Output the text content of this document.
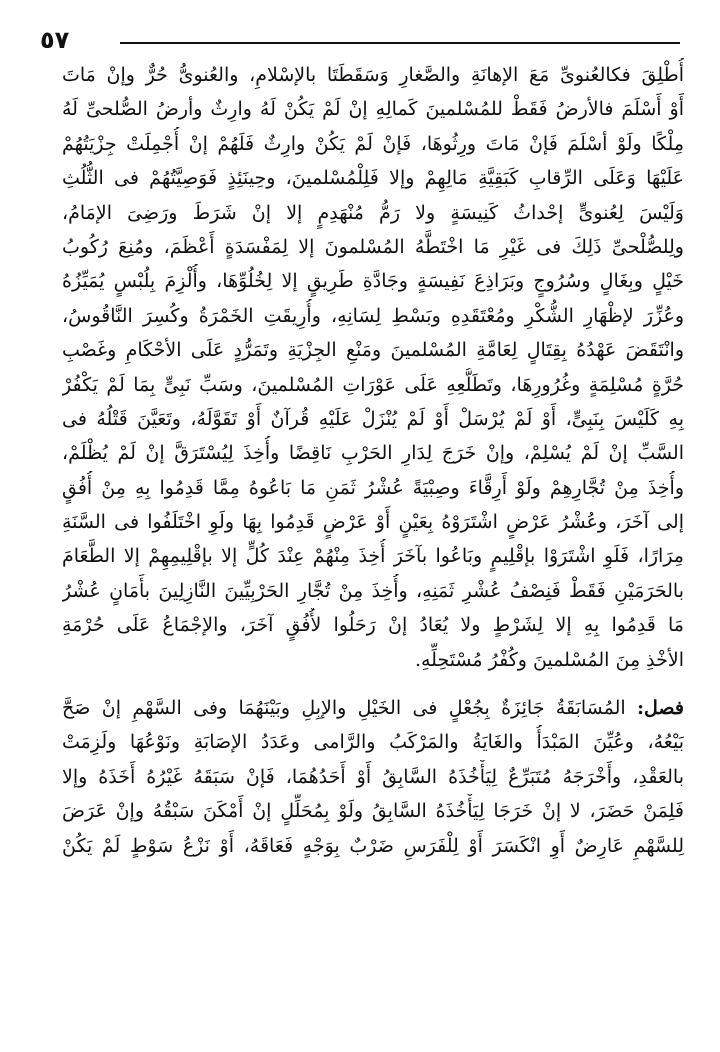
٥٧
أُطْلِقَ فكالعُنوىِّ مَعَ الإهانَةِ والصَّغارِ وَسَقَطَتَا بالإسْلامِ، والعُنوىُّ حُرٌّ وإنْ مَاتَ
أَوْ أَسْلَمَ فالأرضُ فَقَطْ للمُسْلمينَ كَمالِهِ إنْ لَمْ يَكُنْ لَهُ وارِثٌ وأرضُ الصُّلحىِّ لَهُ
مِلْكًا ولَوْ أسْلَمَ فَإنْ مَاتَ ورِثُوهَا، فَإنْ لَمْ يَكُنْ وارِثٌ فَلَهُمْ إنْ أُجْمِلَتْ جِزْيَتُهُمْ
عَلَيْهَا وَعَلَى الرِّقابِ كَبَقِيَّةِ مَالِهِمْ وإلا فَلِلْمُسْلمينَ، وحِينَئِذٍ فَوَصِيَّتُهُمْ فى الثُّلُثِ
وَلَيْسَ لِعُنوىٍّ إحْداثُ كَنِيسَةٍ ولا رَمُّ مُنْهَدِمٍ إلا إنْ شَرَطَ ورَضِىَ الإمَامُ،
ولِلصُّلْحىِّ ذَلِكَ فى غَيْرِ مَا اخْتَطَّهُ المُسْلمونَ إلا لِمَفْسَدَةٍ أَعْظَمَ، ومُنِعَ رُكُوبُ
خَيْلٍ وبِغَالٍ وسُرُوجٍ وبَرَاذِعَ نَفِيسَةٍ وجَادَّةِ طَرِيقٍ إلا لِخُلُوِّهَا، وأُلْزِمَ بِلُبْسٍ يُمَيِّزُهُ
وعُزِّرَ لإظْهَارِ الشُّكْرِ ومُعْتَقَدِهِ وبَسْطِ لِسَانِهِ، وأُرِيقَتِ الخَمْرَةُ وكُسِرَ النَّاقُوسُ،
وانْتَقَضَ عَهْدُهُ بِقِتَالٍ لِعَامَّةِ المُسْلمينَ ومَنْعِ الجِزْيَةِ وتَمَرُّدٍ عَلَى الأحْكَامِ وغَصْبِ
حُرَّةٍ مُسْلِمَةٍ وغُرُورِهَا، وتَطَلُّعِهِ عَلَى عَوْرَاتِ المُسْلمينَ، وسَبِّ نَبِىٍّ بِمَا لَمْ يَكْفُرْ
بِهِ كَلَيْسَ بِنَبِىٍّ، أَوْ لَمْ يُرْسَلْ أَوْ لَمْ يُنْزَلْ عَلَيْهِ قُرآنٌ أَوْ تَقَوَّلَهُ، وتَعَيَّنَ قَتْلُهُ فى
السَّبِّ إنْ لَمْ يُسْلِمْ، وإنْ خَرَجَ لِدَارِ الحَرْبِ نَاقِضًا وأُخِذَ لِيُسْتَرَقَّ إنْ لَمْ يُظْلَمْ،
وأُخِذَ مِنْ تُجَّارِهِمْ ولَوْ أَرِقَّاءَ وصِبْيَةً عُشْرُ ثَمَنِ مَا بَاعُوهُ مِمَّا قَدِمُوا بِهِ مِنْ أُفُقٍ
إلى آخَرَ، وعُشْرُ عَرْضٍ اشْتَرَوْهُ بِعَيْنٍ أَوْ عَرْضٍ قَدِمُوا بِهَا ولَوِ اخْتَلَفُوا فى السَّنَةِ
مِرَارًا، فَلَوِ اشْتَرَوْا بإقْلِيمٍ وبَاعُوا بآخَرَ أُخِذَ مِنْهُمْ عِنْدَ كُلٍّ إلا بإقْلِيمِهِمْ إلا الطَّعَامَ
بالحَرَمَيْنِ فَقَطْ فَنِصْفُ عُشْرِ ثَمَنِهِ، وأُخِذَ مِنْ تُجَّارِ الحَرْبِيِّينَ النَّازِلِينَ بأَمَانٍ عُشْرُ
مَا قَدِمُوا بِهِ إلا لِشَرْطٍ ولا يُعَادُ إنْ رَحَلُوا لأُفُقٍ آخَرَ، والإجْمَاعُ عَلَى حُرْمَةِ
الأخْذِ مِنَ المُسْلمينَ وكُفْرُ مُسْتَحِلِّهِ.
فصل: المُسَابَقَةُ جَائِزَةٌ بِجُعْلٍ فى الخَيْلِ والإبِلِ وبَيْنَهُمَا وفى السَّهْمِ إنْ صَحَّ
بَيْعُهُ، وعُيِّنَ المَبْدَأُ والغَايَةُ والمَرْكَبُ والرَّامى وعَدَدُ الإصَابَةِ ونَوْعُهَا ولَزِمَتْ
بالعَقْدِ، وأَخْرَجَهُ مُتَبَرِّعٌ لِيَأْخُذَهُ السَّابِقُ أَوْ أَحَدُهُمَا، فَإنْ سَبَقَهُ غَيْرُهُ أَخَذَهُ وإلا
فَلِمَنْ حَضَرَ، لا إنْ خَرَجَا لِيَأْخُذَهُ السَّابِقُ ولَوْ بِمُحَلِّلٍ إنْ أَمْكَنَ سَبْقُهُ وإنْ عَرَضَ
لِلسَّهْمِ عَارِضٌ أَوِ انْكَسَرَ أَوْ لِلْفَرَسِ ضَرْبٌ بِوَجْهٍ فَعَاقَهُ، أَوْ نَزْعُ سَوْطٍ لَمْ يَكُنْ
